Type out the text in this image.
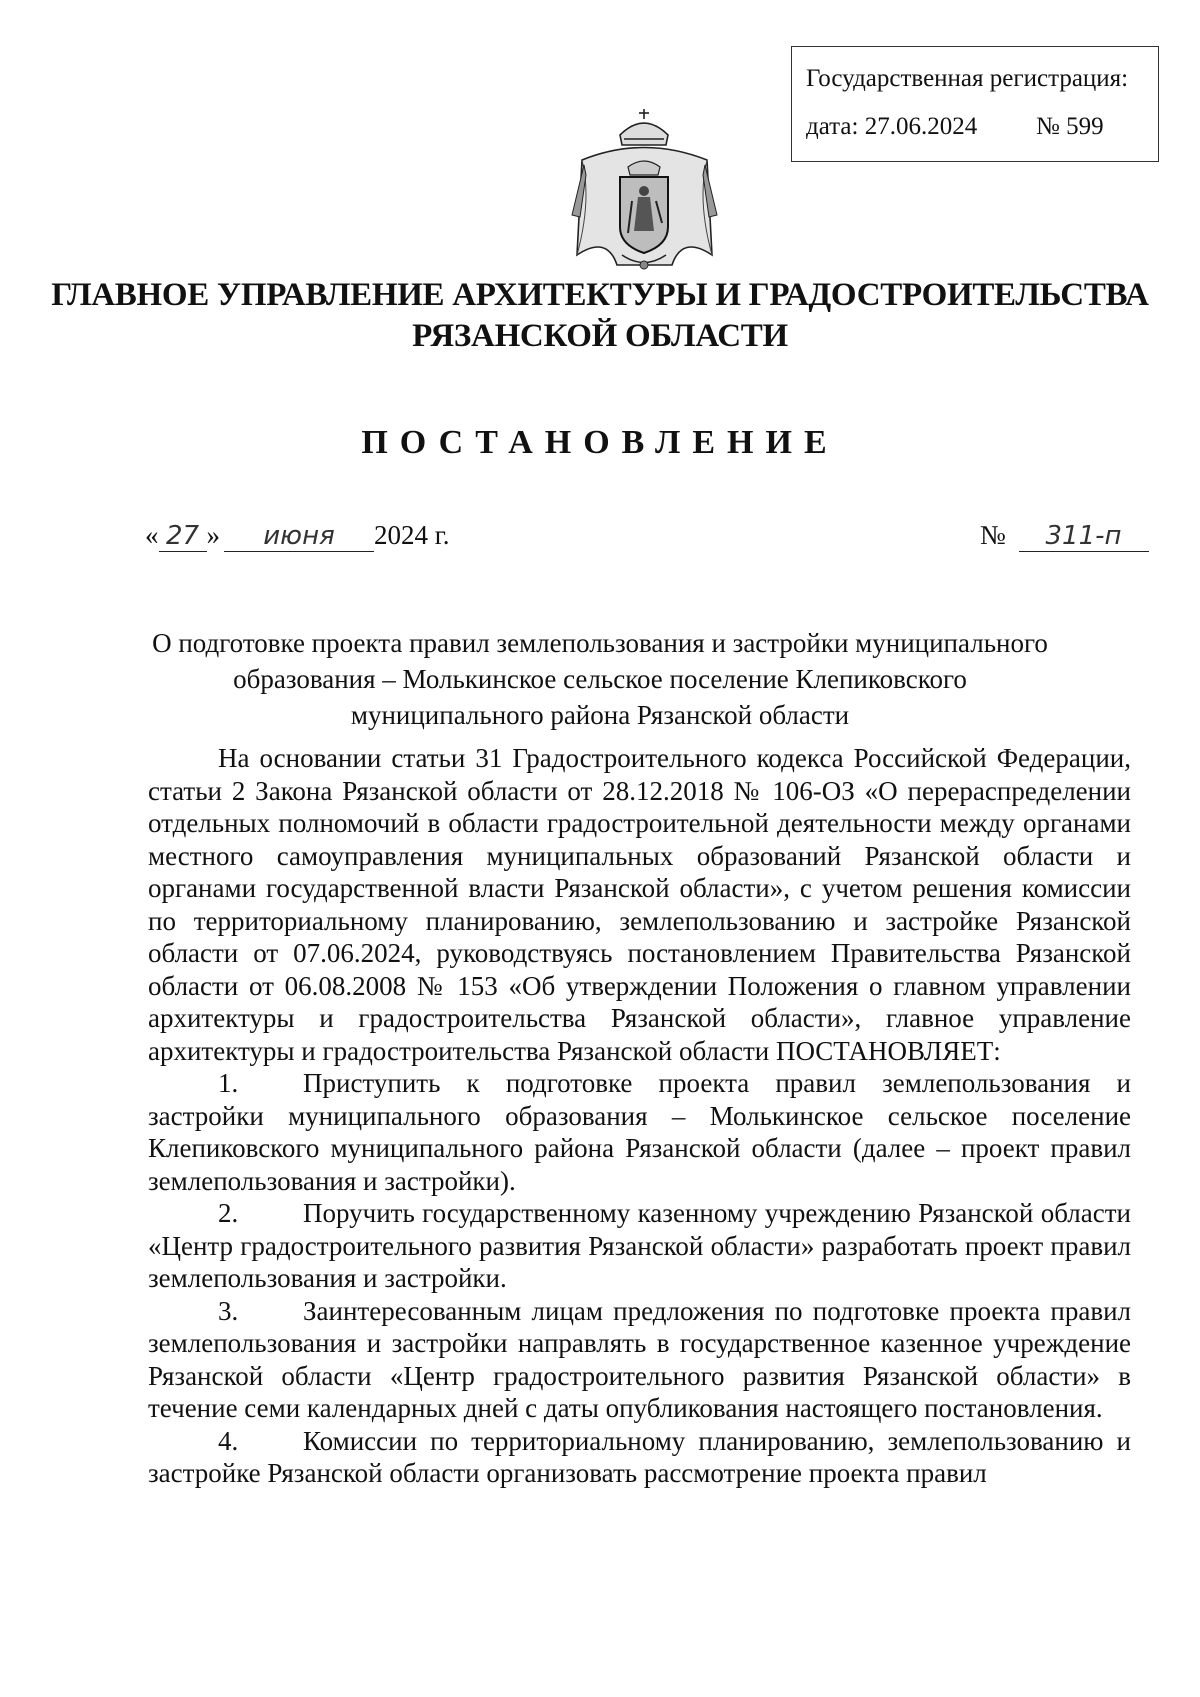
Государственная регистрация:
дата: 27.06.2024 № 599
ГЛАВНОЕ УПРАВЛЕНИЕ АРХИТЕКТУРЫ И ГРАДОСТРОИТЕЛЬСТВА
РЯЗАНСКОЙ ОБЛАСТИ
ПОСТАНОВЛЕНИЕ
« 27 » июня 2024 г.	№ 311-п
О подготовке проекта правил землепользования и застройки муниципального
образования – Молькинское сельское поселение Клепиковского
муниципального района Рязанской области

На основании статьи 31 Градостроительного кодекса Российской Федерации, статьи 2 Закона Рязанской области от 28.12.2018 № 106-ОЗ «О перераспределении отдельных полномочий в области градостроительной деятельности между органами местного самоуправления муниципальных образований Рязанской области и органами государственной власти Рязанской области», с учетом решения комиссии по территориальному планированию, землепользованию и застройке Рязанской области от 07.06.2024, руководствуясь постановлением Правительства Рязанской области от 06.08.2008 № 153 «Об утверждении Положения о главном управлении архитектуры и градостроительства Рязанской области», главное управление архитектуры и градостроительства Рязанской области ПОСТАНОВЛЯЕТ:

1. Приступить к подготовке проекта правил землепользования и застройки муниципального образования – Молькинское сельское поселение Клепиковского муниципального района Рязанской области (далее – проект правил землепользования и застройки).

2. Поручить государственному казенному учреждению Рязанской области «Центр градостроительного развития Рязанской области» разработать проект правил землепользования и застройки.

3. Заинтересованным лицам предложения по подготовке проекта правил землепользования и застройки направлять в государственное казенное учреждение Рязанской области «Центр градостроительного развития Рязанской области» в течение семи календарных дней с даты опубликования настоящего постановления.

4. Комиссии по территориальному планированию, землепользованию и застройке Рязанской области организовать рассмотрение проекта правил
